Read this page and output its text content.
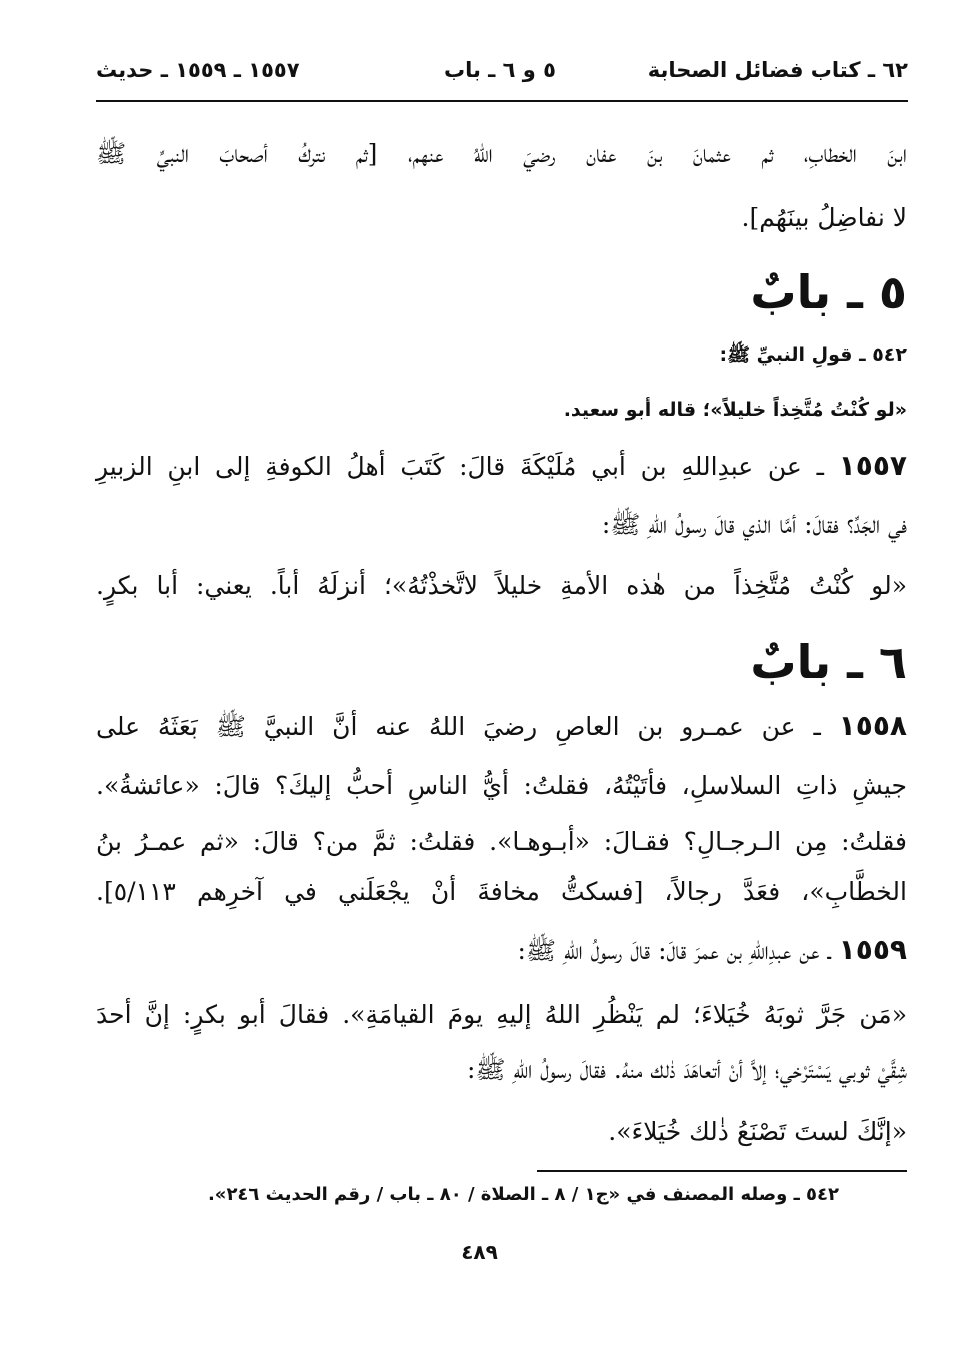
٦٢ ـ كتاب فضائل الصحابة
٥ و ٦ ـ باب
١٥٥٧ ـ ١٥٥٩ ـ حديث
ابنَ الخطابِ، ثم عثمانَ بنَ عفان رضيَ اللهُ عنهم، [ثم نتركُ أصحابَ النبيِّ ﷺ
لا نفاضِلُ بينَهُم].
٥ ـ بابٌ
٥٤٢ ـ قولِ النبيِّ ﷺ:
«لو كُنْتُ مُتَّخِذاً خليلاً»؛ قاله أبو سعيد.
١٥٥٧ ـ عن عبدِاللهِ بن أبي مُلَيْكَةَ قالَ: كَتَبَ أهلُ الكوفةِ إلى ابنِ الزبيرِ
في الجَدِّ؟ فقالَ: أمَّا الذي قالَ رسولُ اللهِ ﷺ:
«لو كُنْتُ مُتَّخِذاً من هٰذه الأمةِ خليلاً لاتَّخذْتُهُ»؛ أنزلَهُ أباً. يعني: أبا بكرٍ.
٦ ـ بابٌ
١٥٥٨ ـ عن عمـرو بن العاصِ رضيَ اللهُ عنه أنَّ النبيَّ ﷺ بَعَثَهُ على
جيشِ ذاتِ السلاسلِ، فأتَيْتُهُ، فقلتُ: أيُّ الناسِ أحبُّ إليكَ؟ قالَ: «عائشةُ».
فقلتُ: مِن الـرجـالِ؟ فقـالَ: «أبـوهـا». فقلتُ: ثمَّ من؟ قالَ: «ثم عمـرُ بنُ
الخطَّابِ»، فعَدَّ رجالاً، [فسكتُّ مخافةَ أنْ يجْعَلَني في آخرِهم ٥/١١٣].
١٥٥٩ ـ عن عبدِاللهِ بن عمرَ قالَ: قالَ رسولُ اللهِ ﷺ:
«مَن جَرَّ ثوبَهُ خُيَلاءَ؛ لم يَنْظُرِ اللهُ إليهِ يومَ القيامَةِ». فقالَ أبو بكرٍ: إنَّ أحدَ
شِقَّيْ ثوبي يَسْتَرْخي؛ إلاَّ أنْ أتعاهَدَ ذٰلك منهُ. فقالَ رسولُ اللهِ ﷺ:
«إنَّكَ لستَ تَصْنَعُ ذٰلك خُيَلاءَ».
٥٤٢ ـ وصله المصنف في «ج١ / ٨ ـ الصلاة / ٨٠ ـ باب / رقم الحديث ٢٤٦».
٤٨٩
